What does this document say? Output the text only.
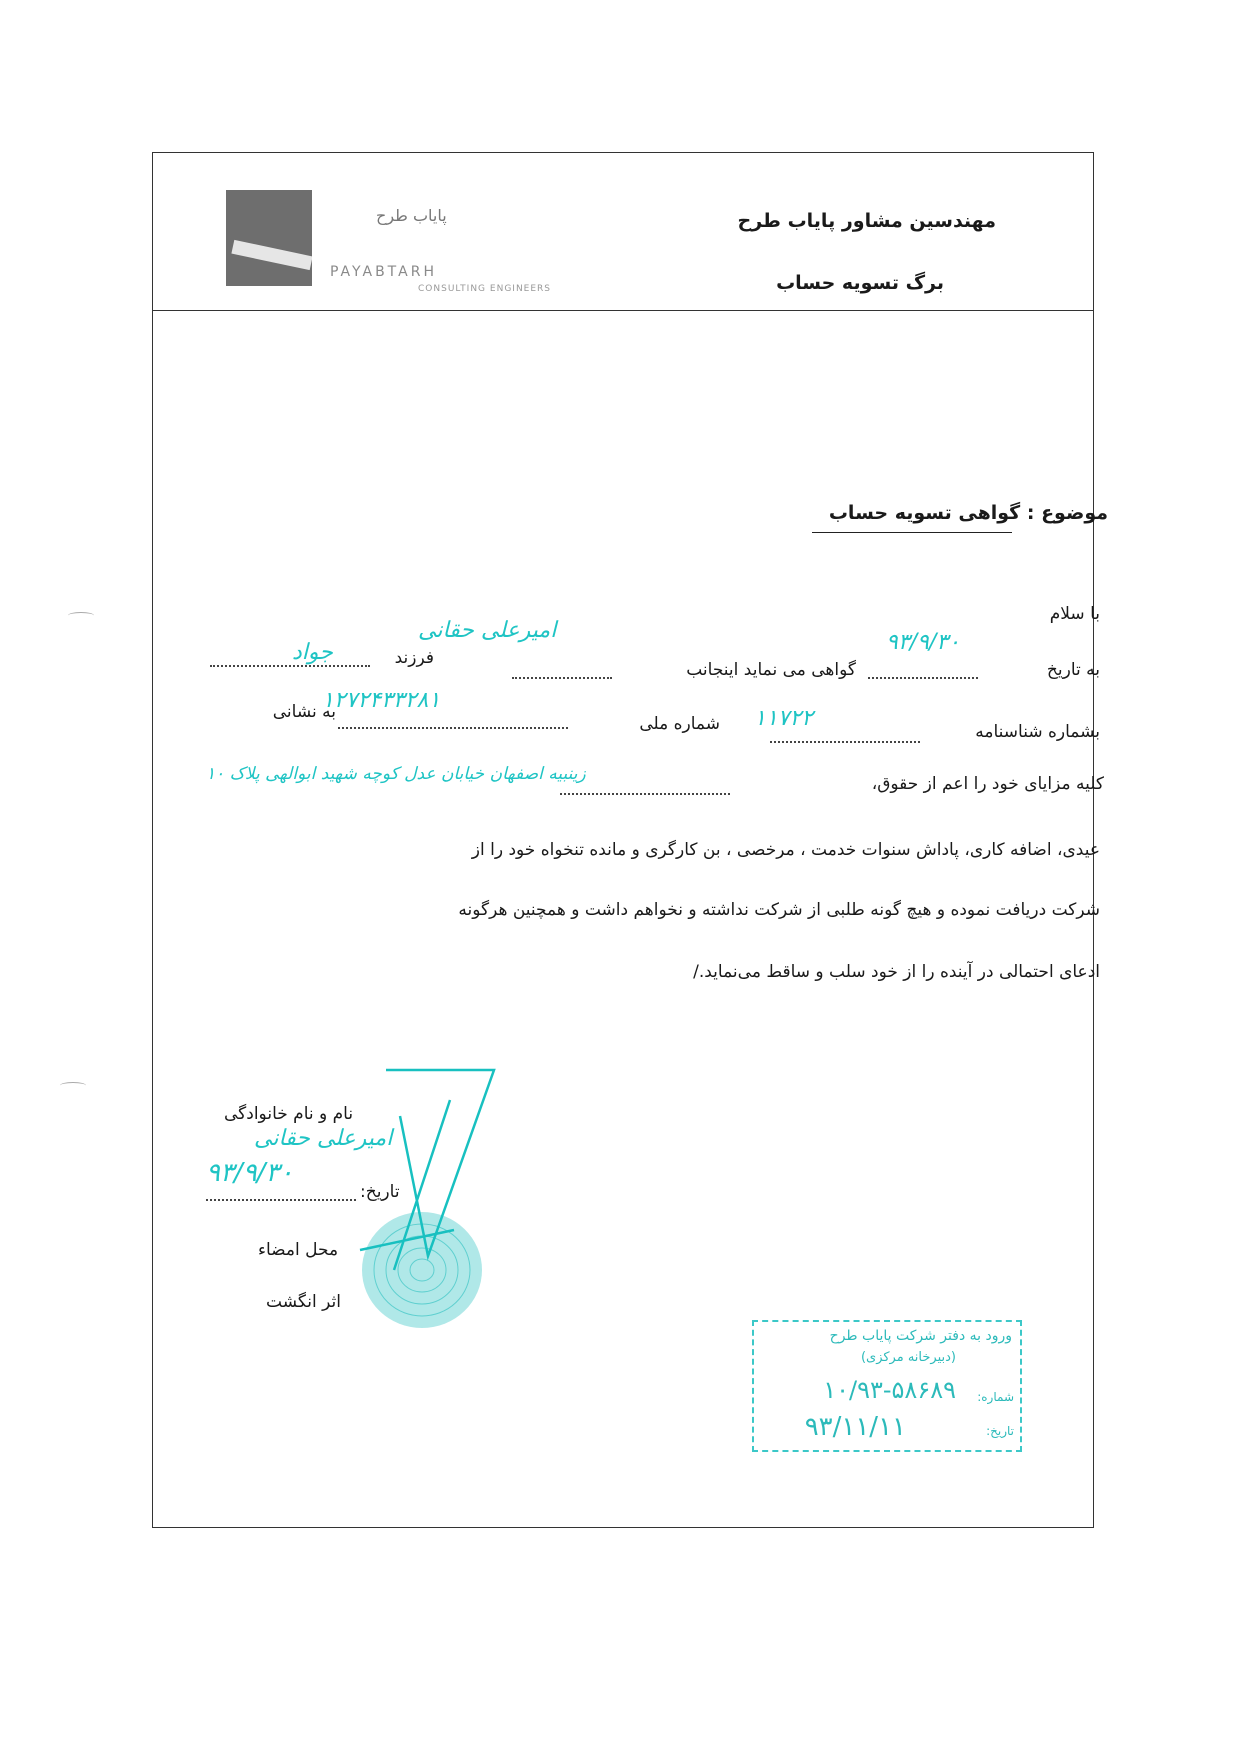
مهندسین مشاور پایاب طرح
برگ تسویه حساب
پایاب طرح
PAYABTARH
CONSULTING ENGINEERS
موضوع : گواهی تسویه حساب
با سلام
به تاریخ
گواهی می نماید اینجانب
فرزند
بشماره شناسنامه
شماره ملی
به نشانی
کلیه مزایای خود را اعم از حقوق،
عیدی، اضافه کاری، پاداش سنوات خدمت ، مرخصی ، بن کارگری و مانده تنخواه خود را از
شرکت دریافت نموده و هیچ گونه طلبی از شرکت نداشته و نخواهم داشت و همچنین هرگونه
ادعای احتمالی در آینده را از خود سلب و ساقط می‌نماید./
۹۳/۹/۳۰
امیرعلی حقانی
جواد
۱۱۷۲۲
۱۲۷۲۴۳۳۲۸۱
زینبیه اصفهان خیابان عدل کوچه شهید ابوالهی پلاک ۱۰
نام و نام خانوادگی
امیرعلی حقانی
۹۳/۹/۳۰
تاریخ:
محل امضاء
اثر انگشت
ورود به دفتر شرکت پایاب طرح
(دبیرخانه مرکزی)
شماره:
۱۰/۹۳-۵۸۶۸۹
تاریخ:
۹۳/۱۱/۱۱
